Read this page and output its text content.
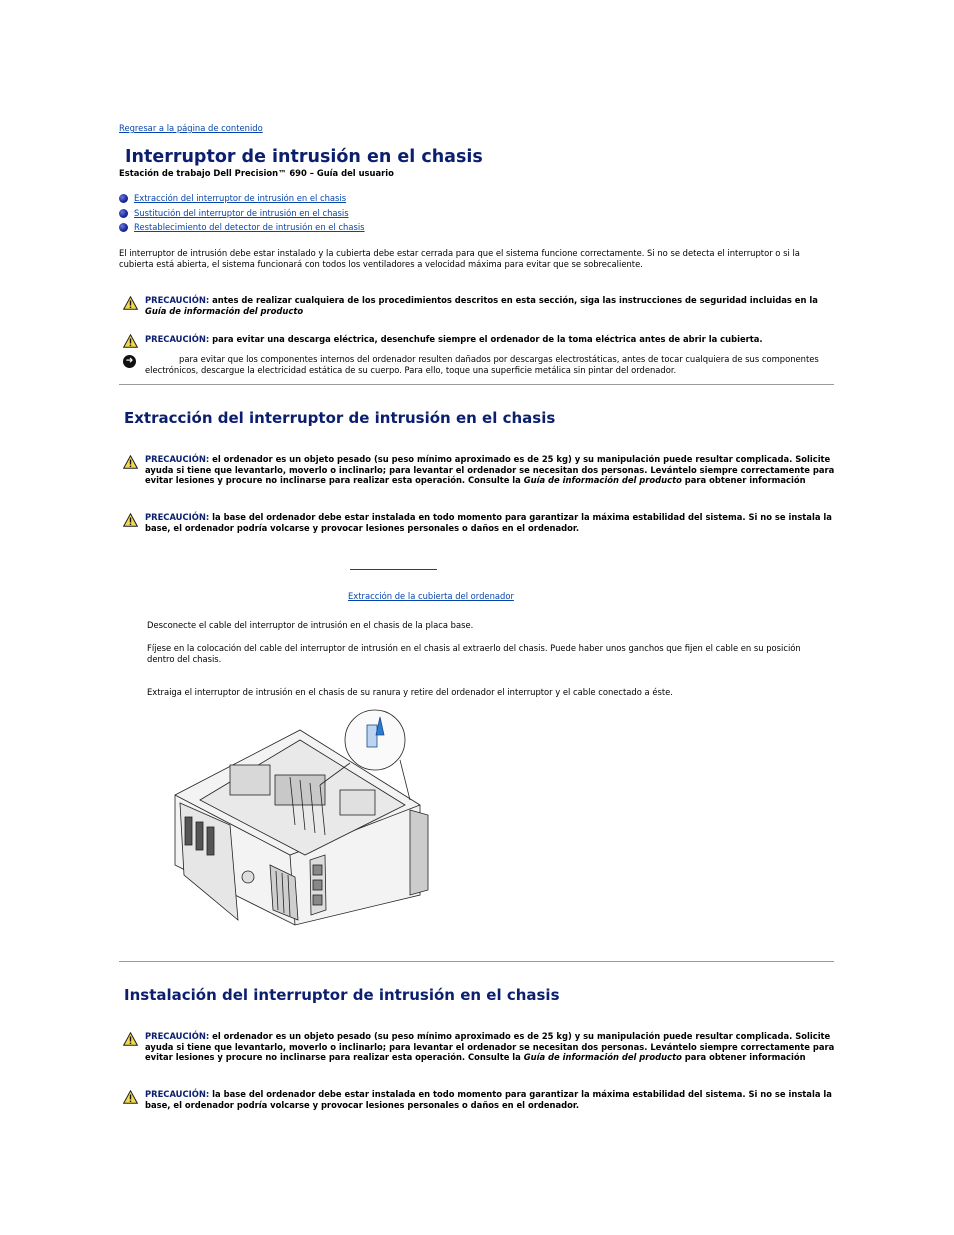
Regresar a la página de contenido
Interruptor de intrusión en el chasis
Estación de trabajo Dell Precision™ 690 – Guía del usuario
Extracción del interruptor de intrusión en el chasis
Sustitución del interruptor de intrusión en el chasis
Restablecimiento del detector de intrusión en el chasis

El interruptor de intrusión debe estar instalado y la cubierta debe estar cerrada para que el sistema funcione correctamente. Si no se detecta el interruptor o si la cubierta está abierta, el sistema funcionará con todos los ventiladores a velocidad máxima para evitar que se sobrecaliente.

PRECAUCIÓN: antes de realizar cualquiera de los procedimientos descritos en esta sección, siga las instrucciones de seguridad incluidas en la Guía de información del producto
PRECAUCIÓN: para evitar una descarga eléctrica, desenchufe siempre el ordenador de la toma eléctrica antes de abrir la cubierta.
➜	para evitar que los componentes internos del ordenador resulten dañados por descargas electrostáticas, antes de tocar cualquiera de sus componentes electrónicos, descargue la electricidad estática de su cuerpo. Para ello, toque una superficie metálica sin pintar del ordenador.
Extracción del interruptor de intrusión en el chasis
PRECAUCIÓN: el ordenador es un objeto pesado (su peso mínimo aproximado es de 25 kg) y su manipulación puede resultar complicada. Solicite ayuda si tiene que levantarlo, moverlo o inclinarlo; para levantar el ordenador se necesitan dos personas. Levántelo siempre correctamente para evitar lesiones y procure no inclinarse para realizar esta operación. Consulte la Guía de información del producto para obtener información
PRECAUCIÓN: la base del ordenador debe estar instalada en todo momento para garantizar la máxima estabilidad del sistema. Si no se instala la base, el ordenador podría volcarse y provocar lesiones personales o daños en el ordenador.
Extracción de la cubierta del ordenador
Desconecte el cable del interruptor de intrusión en el chasis de la placa base.
Fíjese en la colocación del cable del interruptor de intrusión en el chasis al extraerlo del chasis. Puede haber unos ganchos que fijen el cable en su posición dentro del chasis.
Extraiga el interruptor de intrusión en el chasis de su ranura y retire del ordenador el interruptor y el cable conectado a éste.
Instalación del interruptor de intrusión en el chasis
PRECAUCIÓN: el ordenador es un objeto pesado (su peso mínimo aproximado es de 25 kg) y su manipulación puede resultar complicada. Solicite ayuda si tiene que levantarlo, moverlo o inclinarlo; para levantar el ordenador se necesitan dos personas. Levántelo siempre correctamente para evitar lesiones y procure no inclinarse para realizar esta operación. Consulte la Guía de información del producto para obtener información
PRECAUCIÓN: la base del ordenador debe estar instalada en todo momento para garantizar la máxima estabilidad del sistema. Si no se instala la base, el ordenador podría volcarse y provocar lesiones personales o daños en el ordenador.
